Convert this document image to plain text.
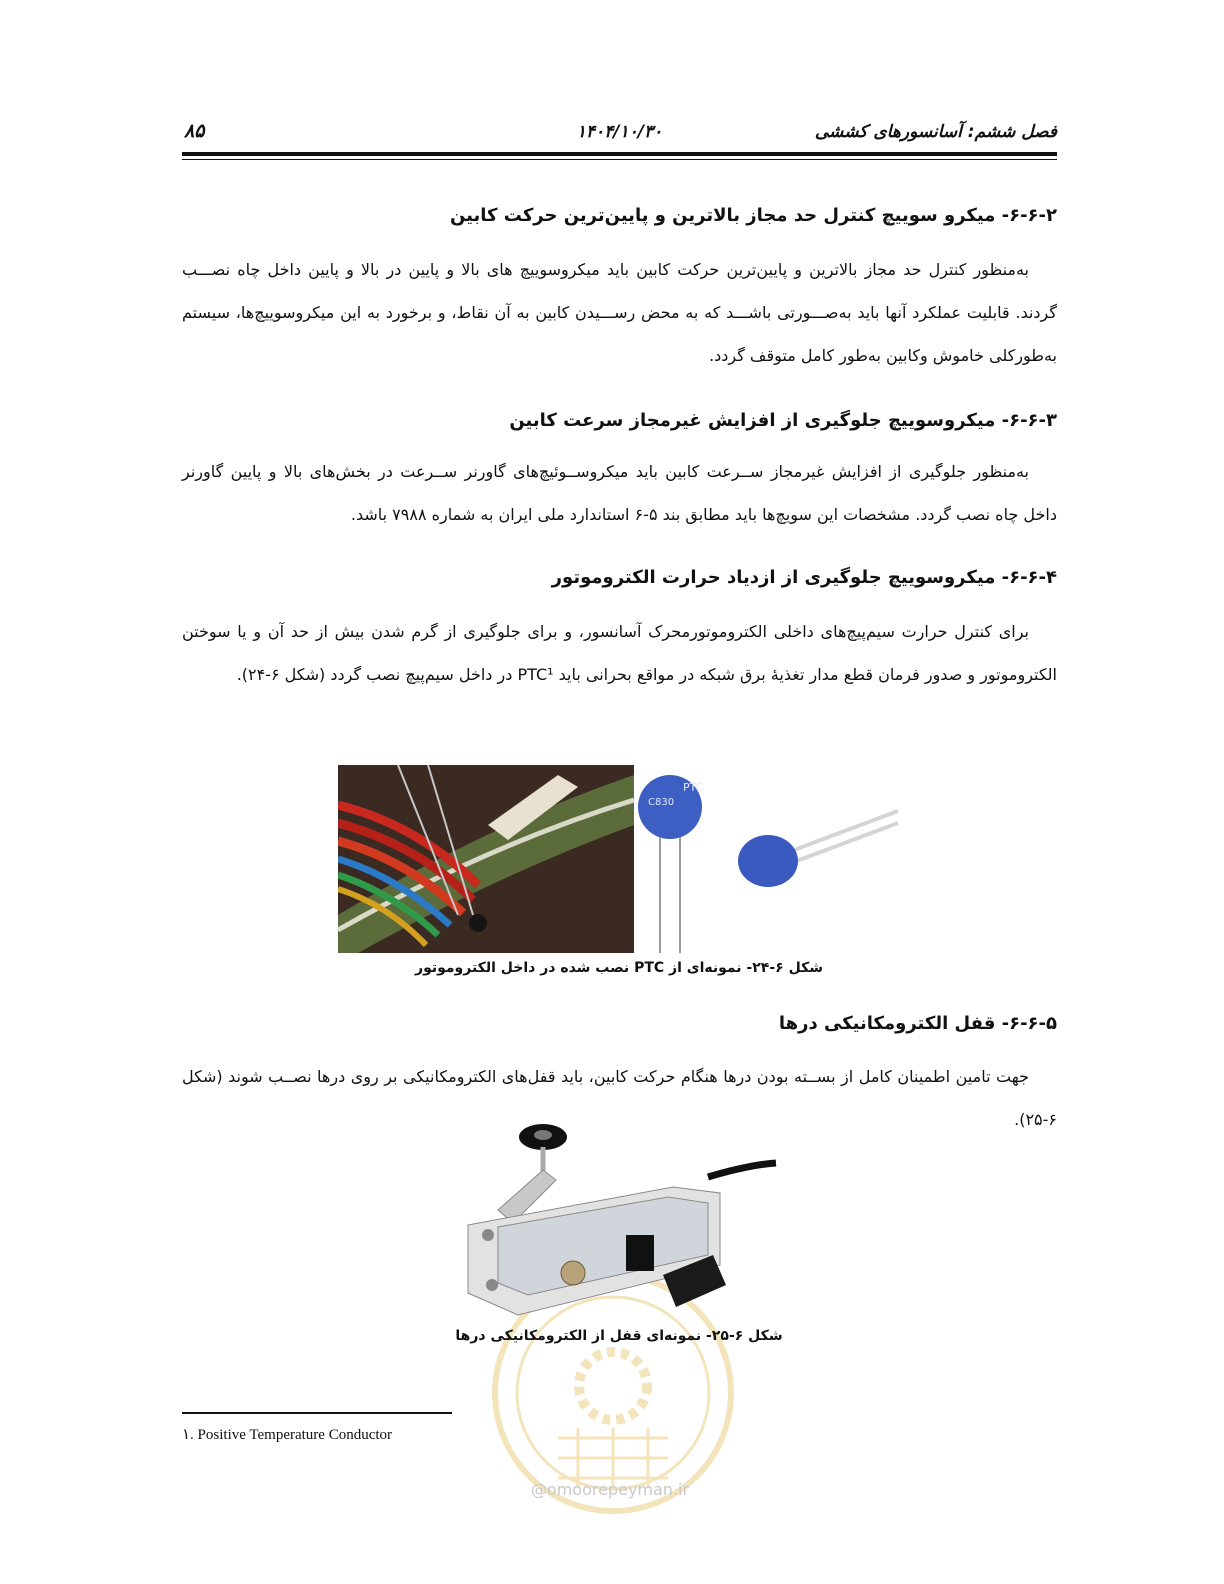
فصل ششم: آسانسورهای کششی
۱۴۰۴/۱۰/۳۰
۸۵
۶-۶-۲- میکرو سوییچ کنترل حد مجاز بالاترین و پایین‌ترین حرکت کابین
به‌منظور کنترل حد مجاز بالاترین و پایین‌ترین حرکت کابین باید میکروسوییچ های بالا و پایین در بالا و پایین داخل چاه نصـــب گردند. قابلیت عملکرد آنها باید به‌صـــورتی باشـــد که به محض رســـیدن کابین به آن نقاط، و برخورد به این میکروسوییچ‌ها، سیستم به‌طورکلی خاموش وکابین به‌طور کامل متوقف گردد.
۶-۶-۳- میکروسوییچ جلوگیری از افزایش غیرمجاز سرعت کابین
به‌منظور جلوگیری از افزایش غیرمجاز ســرعت کابین باید میکروســوئیچ‌های گاورنر ســرعت در بخش‌های بالا و پایین گاورنر داخل چاه نصب گردد. مشخصات این سویچ‌ها باید مطابق بند ۵-۶ استاندارد ملی ایران به شماره ۷۹۸۸ باشد.
۶-۶-۴- میکروسوییچ جلوگیری از ازدیاد حرارت الکتروموتور
برای کنترل حرارت سیم‌پیچ‌های داخلی الکتروموتورمحرک آسانسور، و برای جلوگیری از گرم شدن بیش از حد آن و یا سوختن الکتروموتور و صدور فرمان قطع مدار تغذیهٔ برق شبکه در مواقع بحرانی باید PTC¹ در داخل سیم‌پیچ نصب گردد (شکل ۶-۲۴).
PTC
C830
شکل ۶-۲۴- نمونه‌ای از PTC نصب شده در داخل الکتروموتور
۶-۶-۵- قفل الکترومکانیکی درها
جهت تامین اطمینان کامل از بســته بودن درها هنگام حرکت کابین، باید قفل‌های الکترومکانیکی بر روی درها نصــب شوند (شکل ۶-۲۵).
شکل ۶-۲۵- نمونه‌ای قفل از الکترومکانیکی درها
۱. Positive Temperature Conductor
@omoorepeyman.ir
